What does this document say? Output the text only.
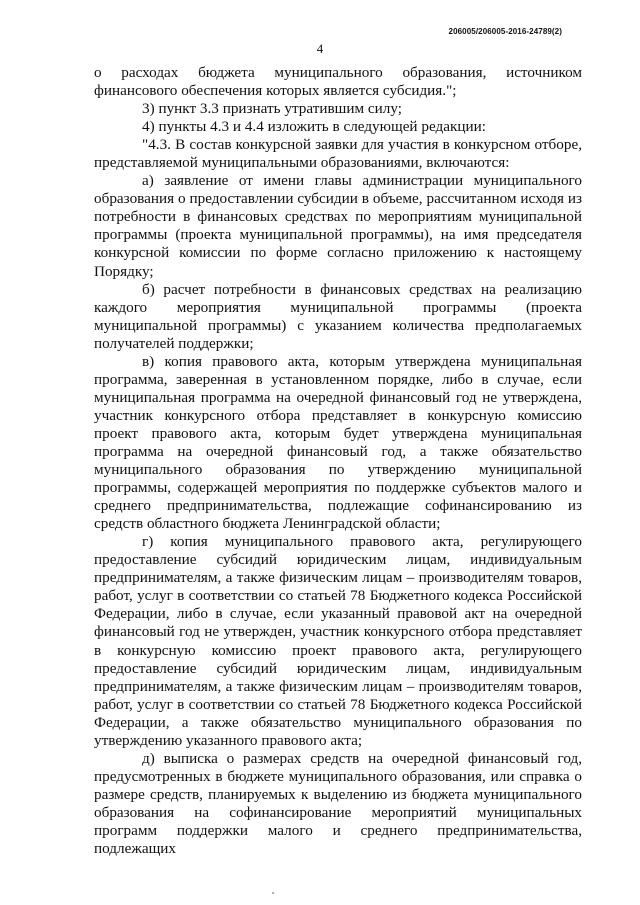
206005/206005-2016-24789(2)
4

о расходах бюджета муниципального образования, источником финансового обеспечения которых является субсидия.";

3) пункт 3.3 признать утратившим силу;

4) пункты 4.3 и 4.4 изложить в следующей редакции:

"4.3. В состав конкурсной заявки для участия в конкурсном отборе, представляемой муниципальными образованиями, включаются:

а) заявление от имени главы администрации муниципального образования о предоставлении субсидии в объеме, рассчитанном исходя из потребности в финансовых средствах по мероприятиям муниципальной программы (проекта муниципальной программы), на имя председателя конкурсной комиссии по форме согласно приложению к настоящему Порядку;

б) расчет потребности в финансовых средствах на реализацию каждого мероприятия муниципальной программы (проекта муниципальной программы) с указанием количества предполагаемых получателей поддержки;

в) копия правового акта, которым утверждена муниципальная программа, заверенная в установленном порядке, либо в случае, если муниципальная программа на очередной финансовый год не утверждена, участник конкурсного отбора представляет в конкурсную комиссию проект правового акта, которым будет утверждена муниципальная программа на очередной финансовый год, а также обязательство муниципального образования по утверждению муниципальной программы, содержащей мероприятия по поддержке субъектов малого и среднего предпринимательства, подлежащие софинансированию из средств областного бюджета Ленинградской области;

г) копия муниципального правового акта, регулирующего предоставление субсидий юридическим лицам, индивидуальным предпринимателям, а также физическим лицам – производителям товаров, работ, услуг в соответствии со статьей 78 Бюджетного кодекса Российской Федерации, либо в случае, если указанный правовой акт на очередной финансовый год не утвержден, участник конкурсного отбора представляет в конкурсную комиссию проект правового акта, регулирующего предоставление субсидий юридическим лицам, индивидуальным предпринимателям, а также физическим лицам – производителям товаров, работ, услуг в соответствии со статьей 78 Бюджетного кодекса Российской Федерации, а также обязательство муниципального образования по утверждению указанного правового акта;

д) выписка о размерах средств на очередной финансовый год, предусмотренных в бюджете муниципального образования, или справка о размере средств, планируемых к выделению из бюджета муниципального образования на софинансирование мероприятий муниципальных программ поддержки малого и среднего предпринимательства, подлежащих
